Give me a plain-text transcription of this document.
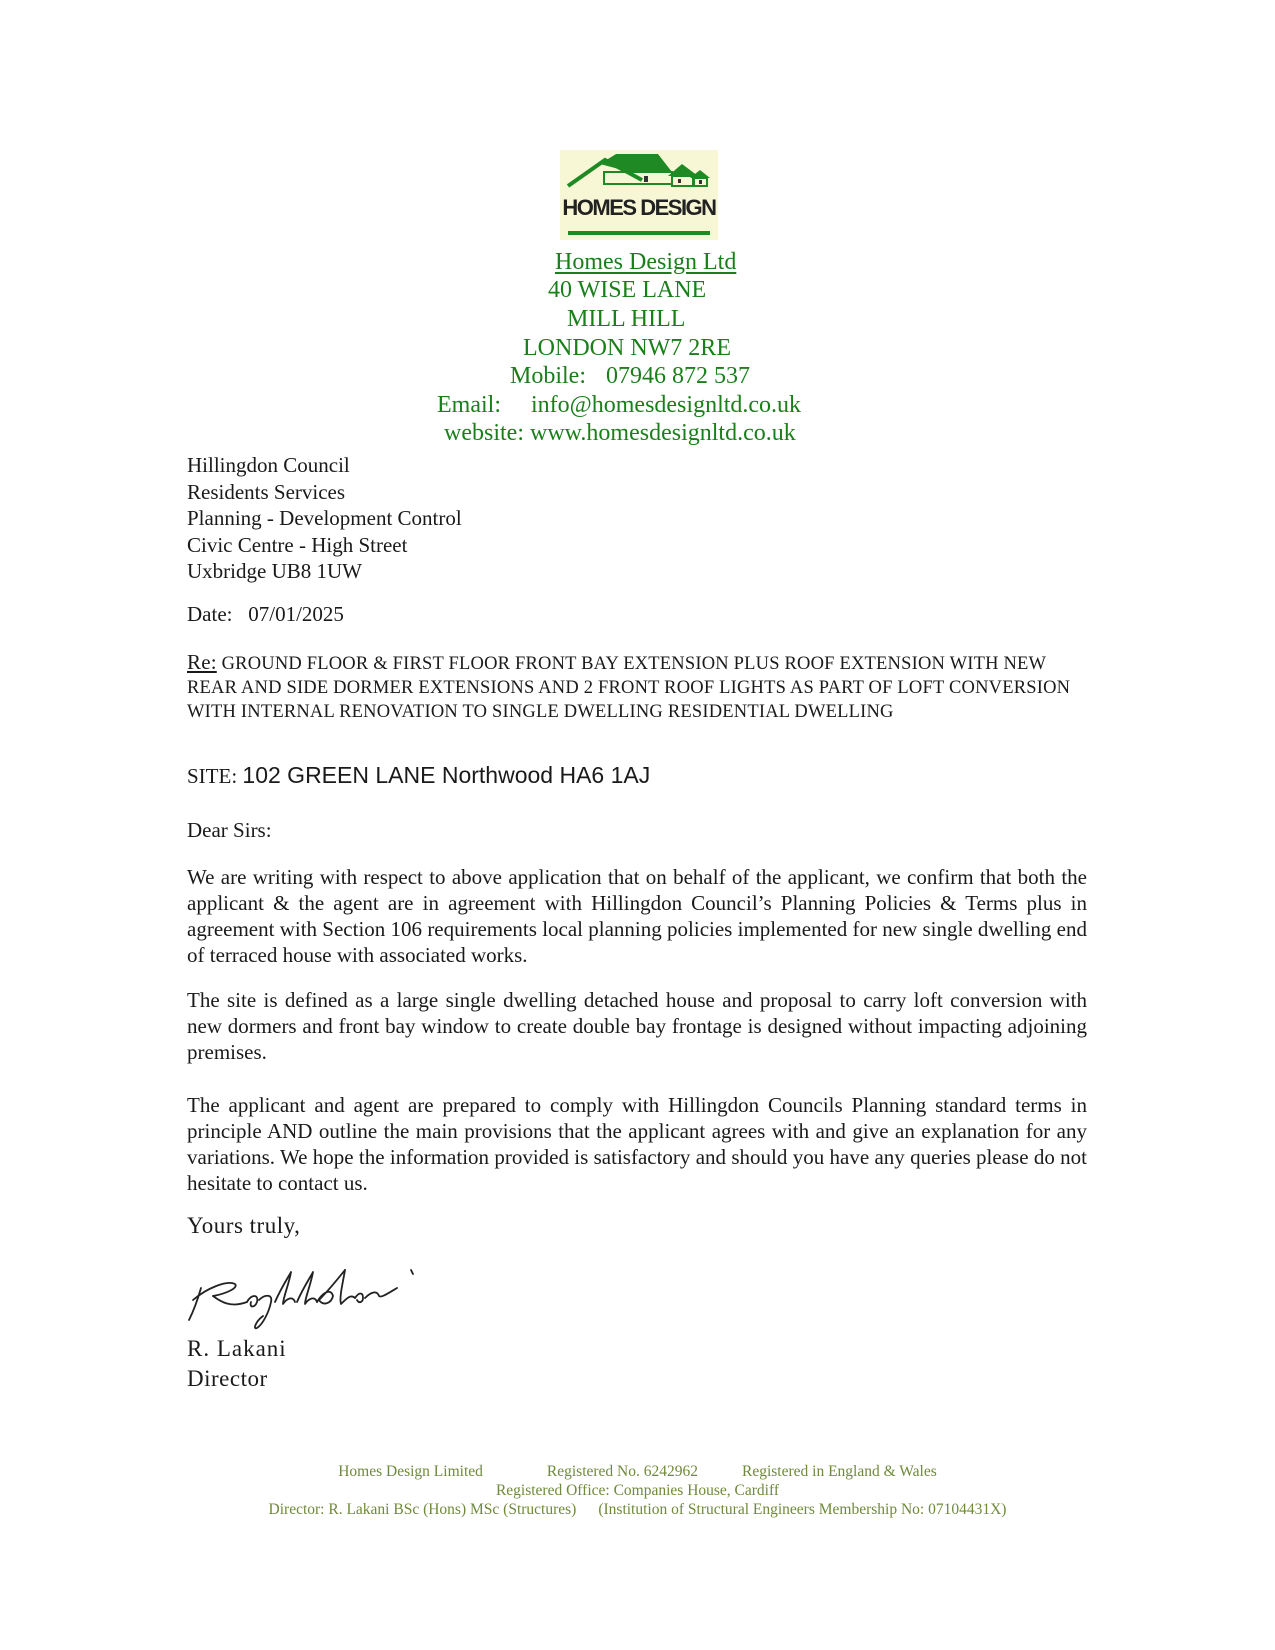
HOMES DESIGN
Homes Design Ltd
40 WISE LANE
MILL HILL
LONDON NW7 2RE
Mobile: 07946 872 537
Email: info@homesdesignltd.co.uk
website: www.homesdesignltd.co.uk
Hillingdon Council
Residents Services
Planning - Development Control
Civic Centre - High Street
Uxbridge UB8 1UW
Date: 07/01/2025
Re: GROUND FLOOR & FIRST FLOOR FRONT BAY EXTENSION PLUS ROOF EXTENSION WITH NEW REAR AND SIDE DORMER EXTENSIONS AND 2 FRONT ROOF LIGHTS AS PART OF LOFT CONVERSION WITH INTERNAL RENOVATION TO SINGLE DWELLING RESIDENTIAL DWELLING
SITE: 102 GREEN LANE Northwood HA6 1AJ
Dear Sirs:
We are writing with respect to above application that on behalf of the applicant, we confirm that both the applicant & the agent are in agreement with Hillingdon Council’s Planning Policies & Terms plus in agreement with Section 106 requirements local planning policies implemented for new single dwelling end of terraced house with associated works.
The site is defined as a large single dwelling detached house and proposal to carry loft conversion with new dormers and front bay window to create double bay frontage is designed without impacting adjoining premises.
The applicant and agent are prepared to comply with Hillingdon Councils Planning standard terms in principle AND outline the main provisions that the applicant agrees with and give an explanation for any variations. We hope the information provided is satisfactory and should you have any queries please do not hesitate to contact us.
Yours truly,
R. Lakani
Director
Homes Design Limited	Registered No. 6242962	Registered in England & Wales
Registered Office: Companies House, Cardiff
Director: R. Lakani BSc (Hons) MSc (Structures) (Institution of Structural Engineers Membership No: 07104431X)
